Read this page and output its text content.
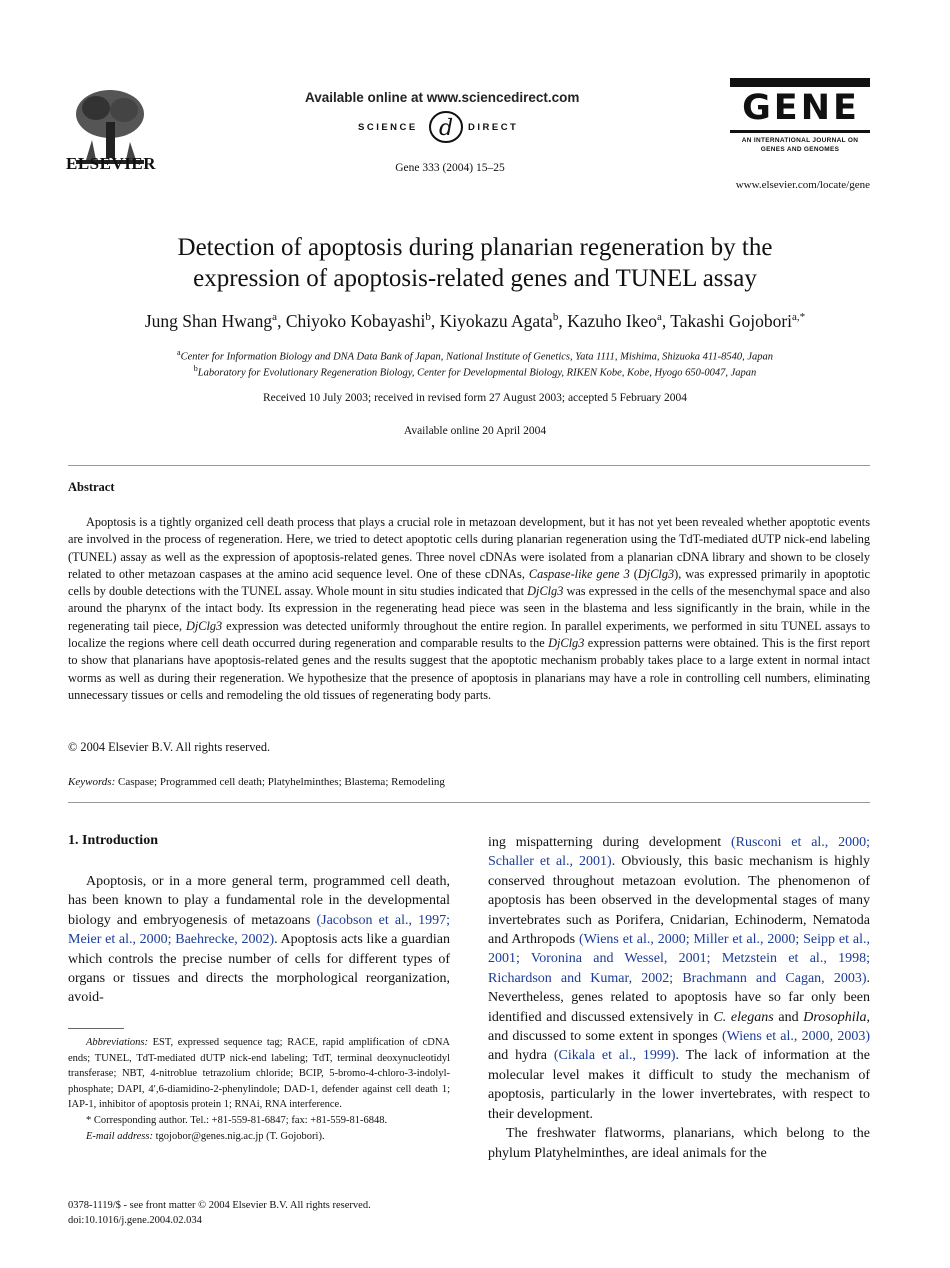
ELSEVIER
Available online at www.sciencedirect.com
SCIENCE d DIRECT
Gene 333 (2004) 15–25
GENE
AN INTERNATIONAL JOURNAL ON
GENES AND GENOMES
www.elsevier.com/locate/gene
Detection of apoptosis during planarian regeneration by the
expression of apoptosis-related genes and TUNEL assay
Jung Shan Hwang$^a$, Chiyoko Kobayashi$^b$, Kiyokazu Agata$^b$, Kazuho Ikeo$^a$, Takashi Gojobori$^{a,*}$
$^a$Center for Information Biology and DNA Data Bank of Japan, National Institute of Genetics, Yata 1111, Mishima, Shizuoka 411-8540, Japan
$^b$Laboratory for Evolutionary Regeneration Biology, Center for Developmental Biology, RIKEN Kobe, Kobe, Hyogo 650-0047, Japan
Received 10 July 2003; received in revised form 27 August 2003; accepted 5 February 2004
Available online 20 April 2004
Abstract
Apoptosis is a tightly organized cell death process that plays a crucial role in metazoan development, but it has not yet been revealed whether apoptotic events are involved in the process of regeneration. Here, we tried to detect apoptotic cells during planarian regeneration using the TdT-mediated dUTP nick-end labeling (TUNEL) assay as well as the expression of apoptosis-related genes. Three novel cDNAs were isolated from a planarian cDNA library and shown to be closely related to other metazoan caspases at the amino acid sequence level. One of these cDNAs, Caspase-like gene 3 (DjClg3), was expressed primarily in apoptotic cells by double detections with the TUNEL assay. Whole mount in situ studies indicated that DjClg3 was expressed in the cells of the mesenchymal space and also around the pharynx of the intact body. Its expression in the regenerating head piece was seen in the blastema and less significantly in the brain, while in the regenerating tail piece, DjClg3 expression was detected uniformly throughout the entire region. In parallel experiments, we performed in situ TUNEL assays to localize the regions where cell death occurred during regeneration and comparable results to the DjClg3 expression patterns were obtained. This is the first report to show that planarians have apoptosis-related genes and the results suggest that the apoptotic mechanism probably takes place to a large extent in normal intact worms as well as during their regeneration. We hypothesize that the presence of apoptosis in planarians may have a role in controlling cell numbers, eliminating unnecessary tissues or cells and remodeling the old tissues of regenerating body parts.
© 2004 Elsevier B.V. All rights reserved.
Keywords: Caspase; Programmed cell death; Platyhelminthes; Blastema; Remodeling
1. Introduction
Apoptosis, or in a more general term, programmed cell death, has been known to play a fundamental role in the developmental biology and embryogenesis of metazoans (Jacobson et al., 1997; Meier et al., 2000; Baehrecke, 2002). Apoptosis acts like a guardian which controls the precise number of cells for different types of organs or tissues and directs the morphological reorganization, avoid-

ing mispatterning during development (Rusconi et al., 2000; Schaller et al., 2001). Obviously, this basic mechanism is highly conserved throughout metazoan evolution. The phenomenon of apoptosis has been observed in the developmental stages of many invertebrates such as Porifera, Cnidarian, Echinoderm, Nematoda and Arthropods (Wiens et al., 2000; Miller et al., 2000; Seipp et al., 2001; Voronina and Wessel, 2001; Metzstein et al., 1998; Richardson and Kumar, 2002; Brachmann and Cagan, 2003). Nevertheless, genes related to apoptosis have so far only been identified and discussed extensively in C. elegans and Drosophila, and discussed to some extent in sponges (Wiens et al., 2000, 2003) and hydra (Cikala et al., 1999). The lack of information at the molecular level makes it difficult to study the mechanism of apoptosis, particularly in the lower invertebrates, with respect to their development.

The freshwater flatworms, planarians, which belong to the phylum Platyhelminthes, are ideal animals for the

Abbreviations: EST, expressed sequence tag; RACE, rapid amplification of cDNA ends; TUNEL, TdT-mediated dUTP nick-end labeling; TdT, terminal deoxynucleotidyl transferase; NBT, 4-nitroblue tetrazolium chloride; BCIP, 5-bromo-4-chloro-3-indolyl-phosphate; DAPI, 4′,6-diamidino-2-phenylindole; DAD-1, defender against cell death 1; IAP-1, inhibitor of apoptosis protein 1; RNAi, RNA interference.

* Corresponding author. Tel.: +81-559-81-6847; fax: +81-559-81-6848.

E-mail address: tgojobor@genes.nig.ac.jp (T. Gojobori).

0378-1119/$ - see front matter © 2004 Elsevier B.V. All rights reserved.
doi:10.1016/j.gene.2004.02.034
